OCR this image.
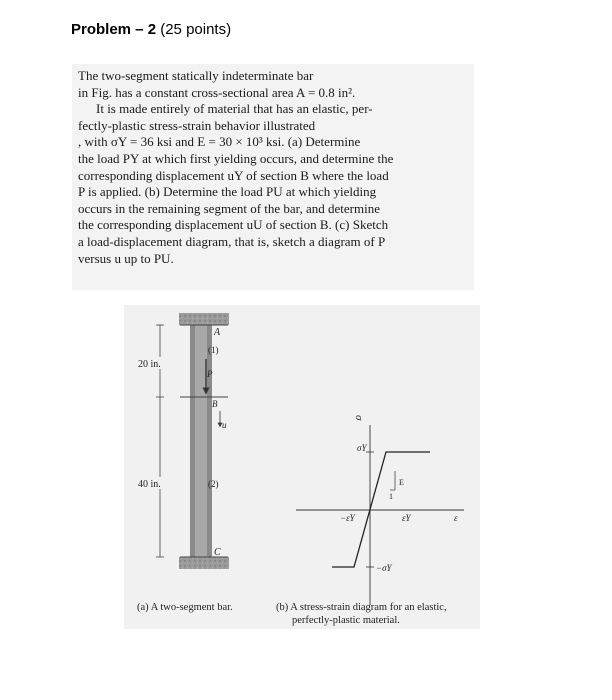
Problem – 2 (25 points)

The two-segment statically indeterminate bar
in Fig. has a constant cross-sectional area A = 0.8 in².
It is made entirely of material that has an elastic, per-
fectly-plastic stress-strain behavior illustrated
, with σY = 36 ksi and E = 30 × 10³ ksi. (a) Determine
the load PY at which first yielding occurs, and determine the
corresponding displacement uY of section B where the load
P is applied. (b) Determine the load PU at which yielding
occurs in the remaining segment of the bar, and determine
the corresponding displacement uU of section B. (c) Sketch
a load-displacement diagram, that is, sketch a diagram of P
versus u up to PU.

20 in.
40 in.
A
(1)
P
B
u
(2)
C
σ
σY
−σY
E
1
−εY	εY	ε
(a) A two-segment bar.	(b) A stress-strain diagram for an elastic,
perfectly-plastic material.
